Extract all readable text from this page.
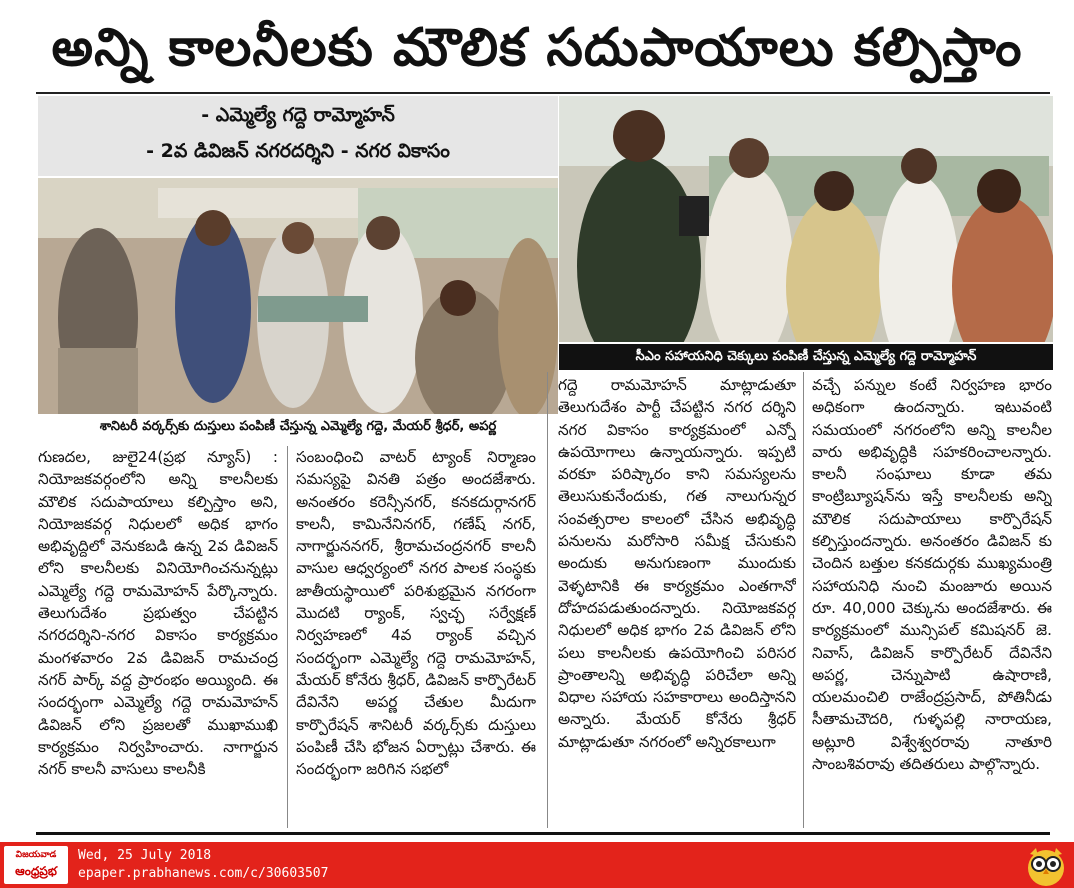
అన్ని కాలనీలకు మౌలిక సదుపాయాలు కల్పిస్తాం
- ఎమ్మెల్యే గద్దె రామ్మోహన్
- 2వ డివిజన్ నగరదర్శిని - నగర వికాసం
శానిటరీ వర్కర్స్‌కు దుస్తులు పంపిణీ చేస్తున్న ఎమ్మెల్యే గద్దె, మేయర్ శ్రీధర్, అపర్ణ
సీఎం సహాయనిధి చెక్కులు పంపిణీ చేస్తున్న ఎమ్మెల్యే గద్దె రామ్మోహన్

గుణదల, జులై24(ప్రభ న్యూస్) : నియోజకవర్గంలోని అన్ని కాలనీలకు మౌలిక సదుపాయాలు కల్పిస్తాం అని, నియోజకవర్గ నిధులలో అధిక భాగం అభివృద్దిలో వెనుకబడి ఉన్న 2వ డివిజన్ లోని కాలనీలకు వినియోగించనున్నట్లు ఎమ్మెల్యే గద్దె రామమోహన్ పేర్కొన్నారు. తెలుగుదేశం ప్రభుత్వం చేపట్టిన నగరదర్శిని-నగర వికాసం కార్యక్రమం మంగళవారం 2వ డివిజన్ రామచంద్ర నగర్ పార్క్ వద్ద ప్రారంభం అయ్యింది. ఈ సందర్భంగా ఎమ్మెల్యే గద్దె రామమోహన్ డివిజన్ లోని ప్రజలతో ముఖాముఖి కార్యక్రమం నిర్వహించారు. నాగార్జున నగర్ కాలనీ వాసులు కాలనీకి

సంబంధించి వాటర్ ట్యాంక్ నిర్మాణం సమస్యపై వినతి పత్రం అందజేశారు. అనంతరం కరెన్సీనగర్, కనకదుర్గానగర్ కాలనీ, కామినేనినగర్, గణేష్ నగర్, నాగార్జుననగర్, శ్రీరామచంద్రనగర్ కాలనీ వాసుల ఆధ్వర్యంలో నగర పాలక సంస్థకు జాతీయస్థాయిలో పరిశుభ్రమైన నగరంగా మొదటి ర్యాంక్, స్వచ్ఛ సర్వేక్షణ్ నిర్వహణలో 4వ ర్యాంక్ వచ్చిన సందర్భంగా ఎమ్మెల్యే గద్దె రామమోహన్, మేయర్ కోనేరు శ్రీధర్, డివిజన్ కార్పొరేటర్ దేవినేని అపర్ణ చేతుల మీదుగా కార్పొరేషన్ శానిటరీ వర్కర్స్‌కు దుస్తులు పంపిణీ చేసి భోజన ఏర్పాట్లు చేశారు. ఈ సందర్భంగా జరిగిన సభలో

గద్దె రామమోహన్ మాట్లాడుతూ తెలుగుదేశం పార్టీ చేపట్టిన నగర దర్శిని నగర వికాసం కార్యక్రమంలో ఎన్నో ఉపయోగాలు ఉన్నాయన్నారు. ఇప్పటి వరకూ పరిష్కారం కాని సమస్యలను తెలుసుకునేందుకు, గత నాలుగున్నర సంవత్సరాల కాలంలో చేసిన అభివృద్ధి పనులను మరోసారి సమీక్ష చేసుకుని అందుకు అనుగుణంగా ముందుకు వెళ్ళటానికి ఈ కార్యక్రమం ఎంతగానో దోహదపడుతుందన్నారు. నియోజకవర్గ నిధులలో అధిక భాగం 2వ డివిజన్ లోని పలు కాలనీలకు ఉపయోగించి పరిసర ప్రాంతాలన్ని అభివృద్ధి పరిచేలా అన్ని విధాల సహాయ సహకారాలు అందిస్తానని అన్నారు. మేయర్ కోనేరు శ్రీధర్ మాట్లాడుతూ నగరంలో అన్నిరకాలుగా

వచ్చే పన్నుల కంటే నిర్వహణ భారం అధికంగా ఉందన్నారు. ఇటువంటి సమయంలో నగరంలోని అన్ని కాలనీల వారు అభివృద్ధికి సహకరించాలన్నారు. కాలనీ సంఘాలు కూడా తమ కాంట్రిబ్యూషన్‌ను ఇస్తే కాలనీలకు అన్ని మౌలిక సదుపాయాలు కార్పొరేషన్ కల్పిస్తుందన్నారు. అనంతరం డివిజన్ కు చెందిన బత్తుల కనకదుర్గకు ముఖ్యమంత్రి సహాయనిధి నుంచి మంజూరు అయిన రూ. 40,000 చెక్కును అందజేశారు. ఈ కార్యక్రమంలో మున్సిపల్ కమిషనర్ జె. నివాస్, డివిజన్ కార్పొరేటర్ దేవినేని అపర్ణ, చెన్నుపాటి ఉషారాణి, యలమంచిలి రాజేంద్రప్రసాద్, పోతినీడు సీతామచౌదరి, గుళ్ళపల్లి నారాయణ, అట్లూరి విశ్వేశ్వరరావు నాతూరి సాంబశివరావు తదితరులు పాల్గొన్నారు.

విజయవాడ
ఆంధ్రప్రభ
Wed, 25 July 2018
epaper.prabhanews.com/c/30603507
